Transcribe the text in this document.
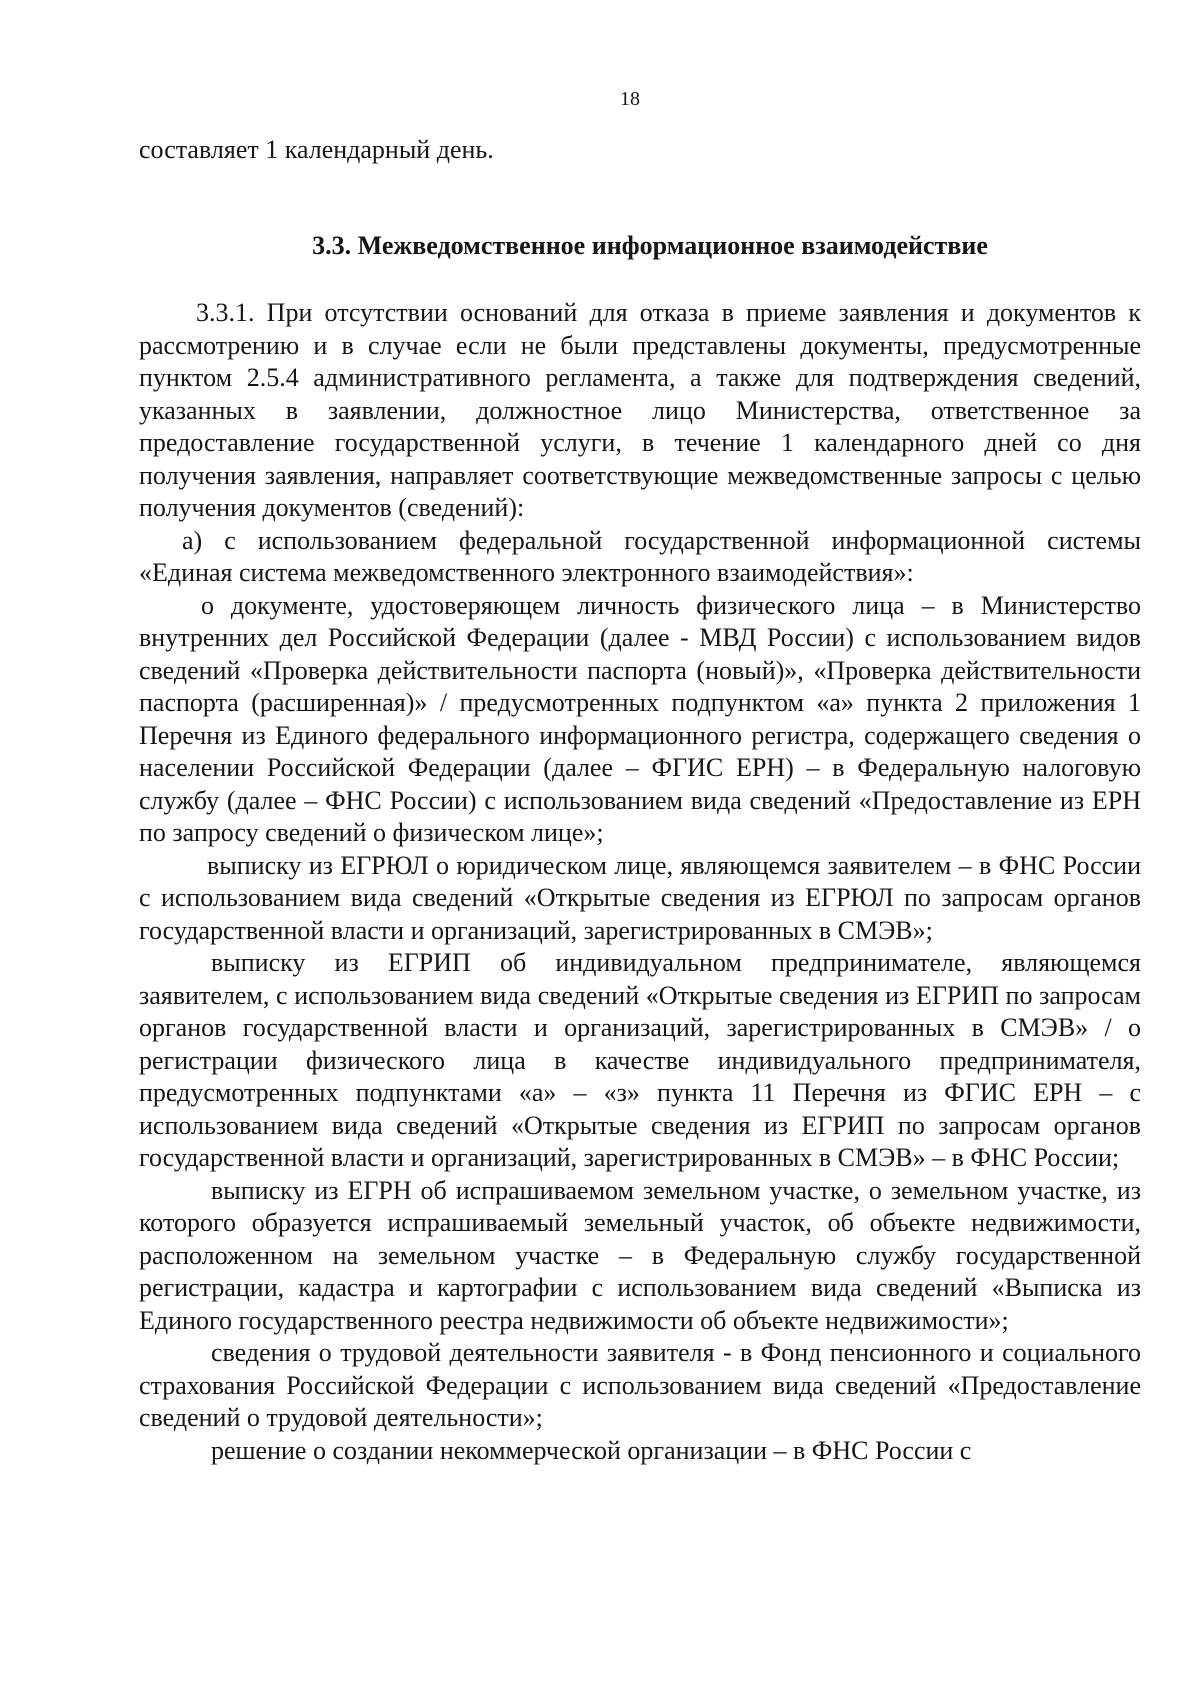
18
составляет 1 календарный день.
3.3. Межведомственное информационное взаимодействие

3.3.1. При отсутствии оснований для отказа в приеме заявления и документов к рассмотрению и в случае если не были представлены документы, предусмотренные пунктом 2.5.4 административного регламента, а также для подтверждения сведений, указанных в заявлении, должностное лицо Министерства, ответственное за предоставление государственной услуги, в течение 1 календарного дней со дня получения заявления, направляет соответствующие межведомственные запросы с целью получения документов (сведений):

а) с использованием федеральной государственной информационной системы «Единая система межведомственного электронного взаимодействия»:

о документе, удостоверяющем личность физического лица – в Министерство внутренних дел Российской Федерации (далее - МВД России) с использованием видов сведений «Проверка действительности паспорта (новый)», «Проверка действительности паспорта (расширенная)» / предусмотренных подпунктом «а» пункта 2 приложения 1 Перечня из Единого федерального информационного регистра, содержащего сведения о населении Российской Федерации (далее – ФГИС ЕРН) – в Федеральную налоговую службу (далее – ФНС России) с использованием вида сведений «Предоставление из ЕРН по запросу сведений о физическом лице»;

выписку из ЕГРЮЛ о юридическом лице, являющемся заявителем – в ФНС России с использованием вида сведений «Открытые сведения из ЕГРЮЛ по запросам органов государственной власти и организаций, зарегистрированных в СМЭВ»;

выписку из ЕГРИП об индивидуальном предпринимателе, являющемся заявителем, с использованием вида сведений «Открытые сведения из ЕГРИП по запросам органов государственной власти и организаций, зарегистрированных в СМЭВ» / о регистрации физического лица в качестве индивидуального предпринимателя, предусмотренных подпунктами «а» – «з» пункта 11 Перечня из ФГИС ЕРН – с использованием вида сведений «Открытые сведения из ЕГРИП по запросам органов государственной власти и организаций, зарегистрированных в СМЭВ» – в ФНС России;

выписку из ЕГРН об испрашиваемом земельном участке, о земельном участке, из которого образуется испрашиваемый земельный участок, об объекте недвижимости, расположенном на земельном участке – в Федеральную службу государственной регистрации, кадастра и картографии с использованием вида сведений «Выписка из Единого государственного реестра недвижимости об объекте недвижимости»;

сведения о трудовой деятельности заявителя - в Фонд пенсионного и социального страхования Российской Федерации с использованием вида сведений «Предоставление сведений о трудовой деятельности»;

решение о создании некоммерческой организации – в ФНС России с
